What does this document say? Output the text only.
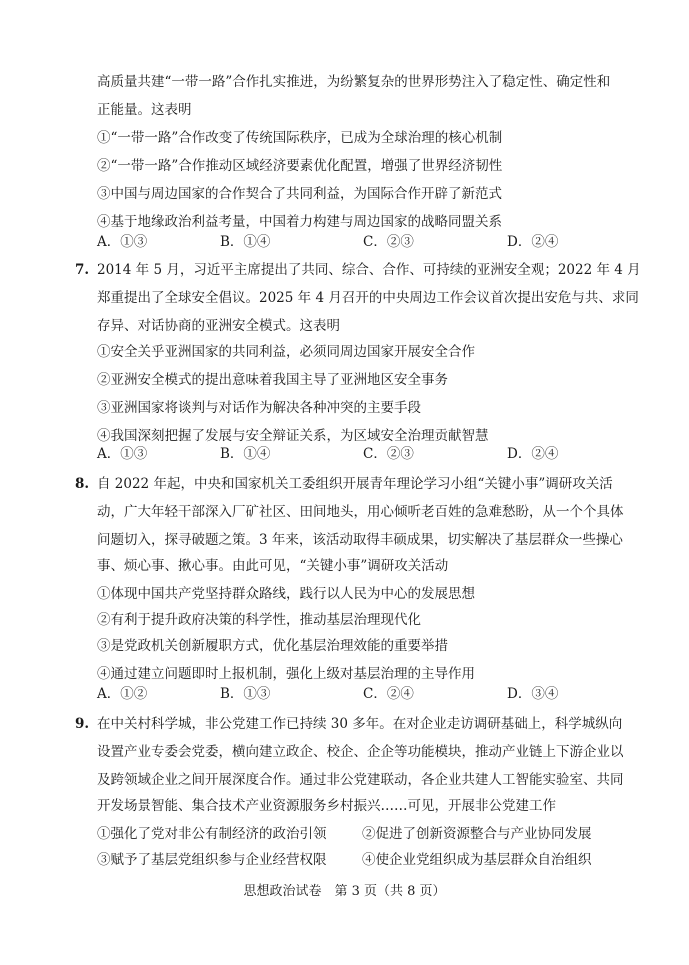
高质量共建“一带一路”合作扎实推进，为纷繁复杂的世界形势注入了稳定性、确定性和
正能量。这表明
①“一带一路”合作改变了传统国际秩序，已成为全球治理的核心机制
②“一带一路”合作推动区域经济要素优化配置，增强了世界经济韧性
③中国与周边国家的合作契合了共同利益，为国际合作开辟了新范式
④基于地缘政治利益考量，中国着力构建与周边国家的战略同盟关系
A．①③	B．①④	C．②③	D．②④
7. 2014 年 5 月，习近平主席提出了共同、综合、合作、可持续的亚洲安全观；2022 年 4 月
郑重提出了全球安全倡议。2025 年 4 月召开的中央周边工作会议首次提出安危与共、求同
存异、对话协商的亚洲安全模式。这表明
①安全关乎亚洲国家的共同利益，必须同周边国家开展安全合作
②亚洲安全模式的提出意味着我国主导了亚洲地区安全事务
③亚洲国家将谈判与对话作为解决各种冲突的主要手段
④我国深刻把握了发展与安全辩证关系，为区域安全治理贡献智慧
A．①③	B．①④	C．②③	D．②④
8. 自 2022 年起，中央和国家机关工委组织开展青年理论学习小组“关键小事”调研攻关活
动，广大年轻干部深入厂矿社区、田间地头，用心倾听老百姓的急难愁盼，从一个个具体
问题切入，探寻破题之策。3 年来，该活动取得丰硕成果，切实解决了基层群众一些操心
事、烦心事、揪心事。由此可见，“关键小事”调研攻关活动
①体现中国共产党坚持群众路线，践行以人民为中心的发展思想
②有利于提升政府决策的科学性，推动基层治理现代化
③是党政机关创新履职方式，优化基层治理效能的重要举措
④通过建立问题即时上报机制，强化上级对基层治理的主导作用
A．①②	B．①③	C．②④	D．③④
9. 在中关村科学城，非公党建工作已持续 30 多年。在对企业走访调研基础上，科学城纵向
设置产业专委会党委，横向建立政企、校企、企企等功能模块，推动产业链上下游企业以
及跨领域企业之间开展深度合作。通过非公党建联动，各企业共建人工智能实验室、共同
开发场景智能、集合技术产业资源服务乡村振兴……可见，开展非公党建工作
①强化了党对非公有制经济的政治引领	②促进了创新资源整合与产业协同发展
③赋予了基层党组织参与企业经营权限	④使企业党组织成为基层群众自治组织
思想政治试卷　第 3 页（共 8 页）
